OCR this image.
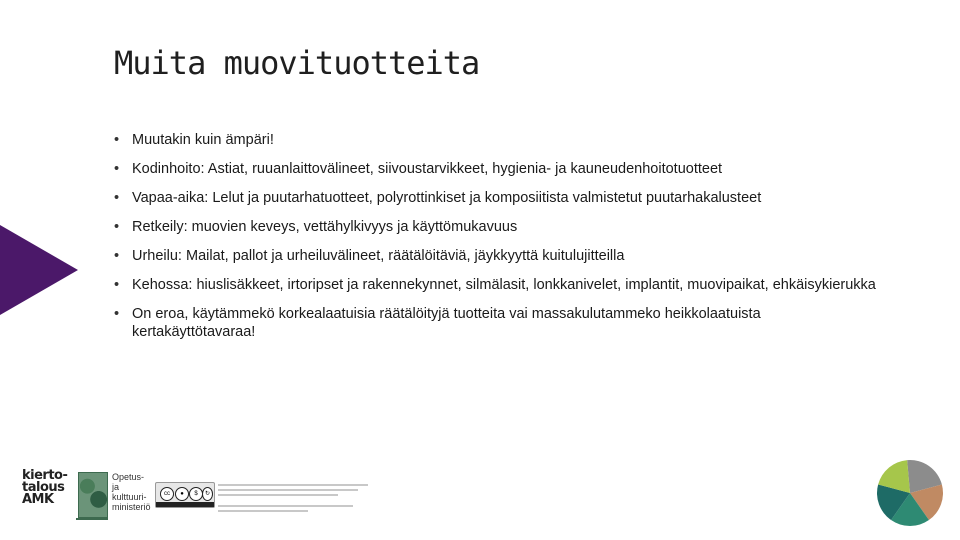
Muita muovituotteita
• Muutakin kuin ämpäri!
• Kodinhoito: Astiat, ruuanlaittovälineet, siivoustarvikkeet, hygienia- ja kauneudenhoitotuotteet
• Vapaa-aika: Lelut ja puutarhatuotteet, polyrottinkiset ja komposiitista valmistetut puutarhakalusteet
• Retkeily: muovien keveys, vettähylkivyys ja käyttömukavuus
• Urheilu: Mailat, pallot ja urheiluvälineet, räätälöitäviä, jäykkyyttä kuitulujitteilla
• Kehossa: hiuslisäkkeet, irtoripset ja rakennekynnet, silmälasit, lonkkanivelet, implantit, muovipaikat, ehkäisykierukka
• On eroa, käytämmekö korkealaatuisia räätälöityjä tuotteita vai massakulutammeko heikkolaatuista kertakäyttötavaraa!
kierto-talous AMK

Opetus- ja kulttuuri- ministeriö
cc	●	$	↻
